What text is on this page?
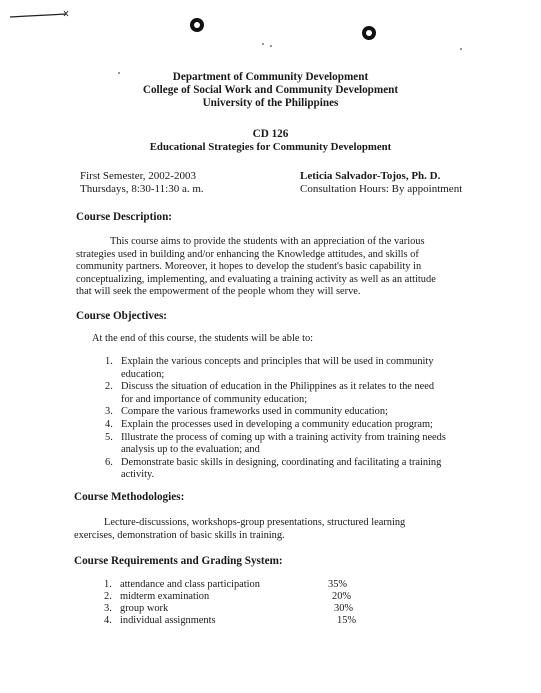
Department of Community Development
College of Social Work and Community Development
University of the Philippines
CD 126
Educational Strategies for Community Development
First Semester, 2002-2003
Thursdays, 8:30-11:30 a. m.
Leticia Salvador-Tojos, Ph. D.
Consultation Hours: By appointment
Course Description:
This course aims to provide the students with an appreciation of the various
strategies used in building and/or enhancing the Knowledge attitudes, and skills of
community partners. Moreover, it hopes to develop the student's basic capability in
conceptualizing, implementing, and evaluating a training activity as well as an attitude
that will seek the empowerment of the people whom they will serve.
Course Objectives:
At the end of this course, the students will be able to:
1. Explain the various concepts and principles that will be used in community
education;
2. Discuss the situation of education in the Philippines as it relates to the need
for and importance of community education;
3. Compare the various frameworks used in community education;
4. Explain the processes used in developing a community education program;
5. Illustrate the process of coming up with a training activity from training needs
analysis up to the evaluation; and
6. Demonstrate basic skills in designing, coordinating and facilitating a training
activity.
Course Methodologies:
Lecture-discussions, workshops-group presentations, structured learning
exercises, demonstration of basic skills in training.
Course Requirements and Grading System:
1. attendance and class participation	35%
2. midterm examination	20%
3. group work	30%
4. individual assignments	15%
